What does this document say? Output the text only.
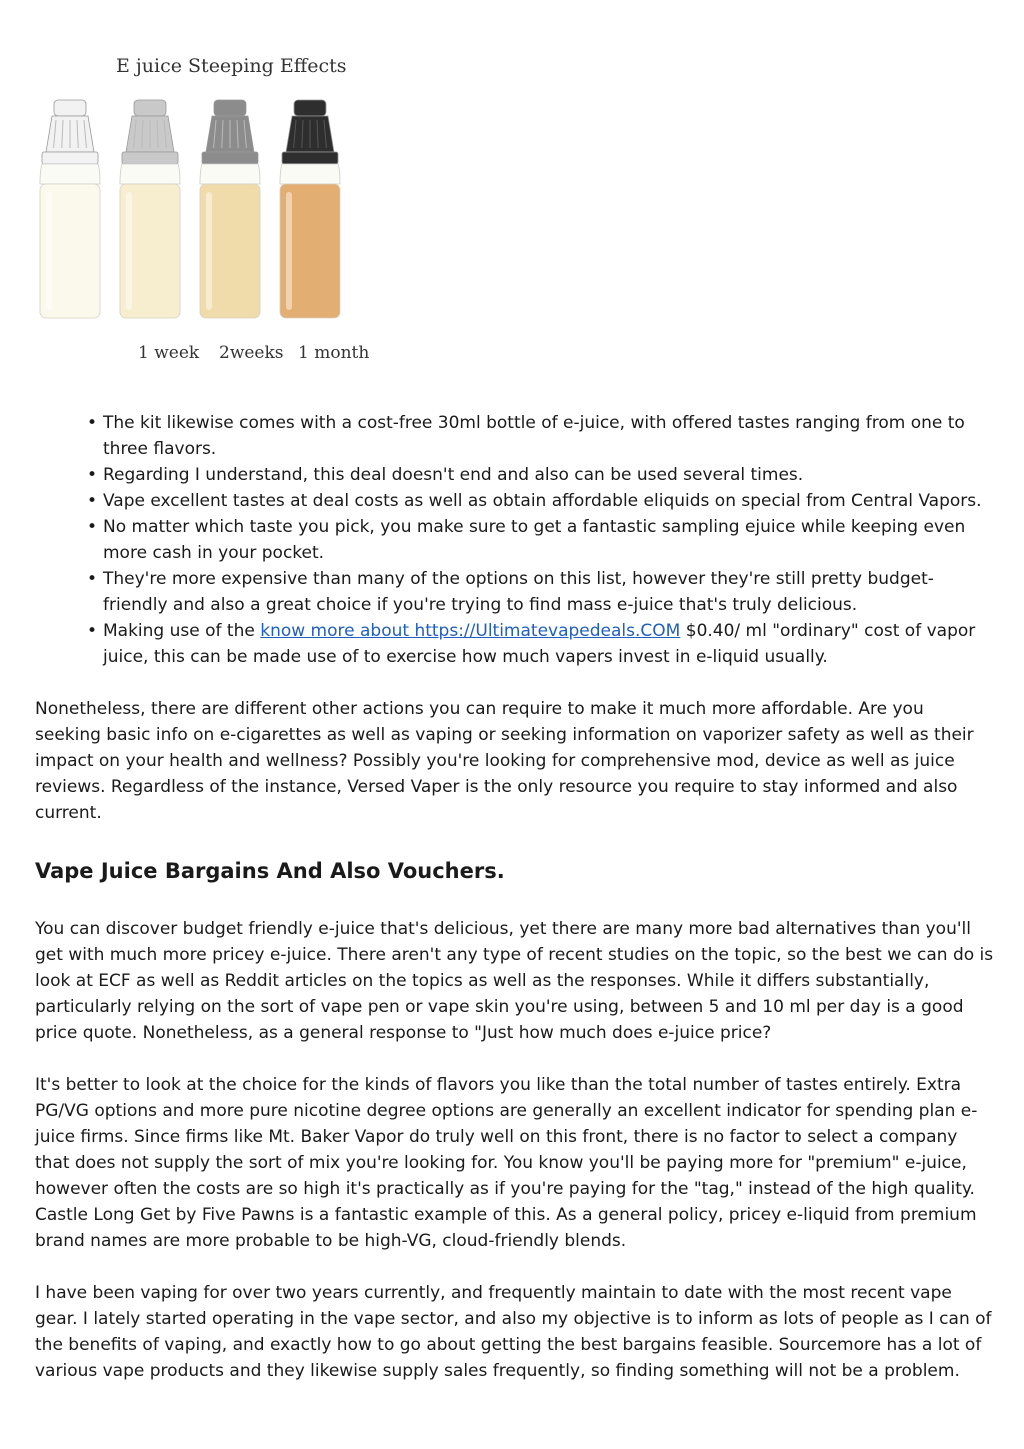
E juice Steeping Effects
1 week 2weeks 1 month
• The kit likewise comes with a cost-free 30ml bottle of e-juice, with offered tastes ranging from one to three flavors.
• Regarding I understand, this deal doesn't end and also can be used several times.
• Vape excellent tastes at deal costs as well as obtain affordable eliquids on special from Central Vapors.
• No matter which taste you pick, you make sure to get a fantastic sampling ejuice while keeping even more cash in your pocket.
• They're more expensive than many of the options on this list, however they're still pretty budget-friendly and also a great choice if you're trying to find mass e-juice that's truly delicious.
• Making use of the know more about https://Ultimatevapedeals.COM $0.40/ ml "ordinary" cost of vapor juice, this can be made use of to exercise how much vapers invest in e-liquid usually.

Nonetheless, there are different other actions you can require to make it much more affordable. Are you seeking basic info on e-cigarettes as well as vaping or seeking information on vaporizer safety as well as their impact on your health and wellness? Possibly you're looking for comprehensive mod, device as well as juice reviews. Regardless of the instance, Versed Vaper is the only resource you require to stay informed and also current.

Vape Juice Bargains And Also Vouchers.

You can discover budget friendly e-juice that's delicious, yet there are many more bad alternatives than you'll get with much more pricey e-juice. There aren't any type of recent studies on the topic, so the best we can do is look at ECF as well as Reddit articles on the topics as well as the responses. While it differs substantially, particularly relying on the sort of vape pen or vape skin you're using, between 5 and 10 ml per day is a good price quote. Nonetheless, as a general response to "Just how much does e-juice price?

It's better to look at the choice for the kinds of flavors you like than the total number of tastes entirely. Extra PG/VG options and more pure nicotine degree options are generally an excellent indicator for spending plan e-juice firms. Since firms like Mt. Baker Vapor do truly well on this front, there is no factor to select a company that does not supply the sort of mix you're looking for. You know you'll be paying more for "premium" e-juice, however often the costs are so high it's practically as if you're paying for the "tag," instead of the high quality. Castle Long Get by Five Pawns is a fantastic example of this. As a general policy, pricey e-liquid from premium brand names are more probable to be high-VG, cloud-friendly blends.

I have been vaping for over two years currently, and frequently maintain to date with the most recent vape gear. I lately started operating in the vape sector, and also my objective is to inform as lots of people as I can of the benefits of vaping, and exactly how to go about getting the best bargains feasible. Sourcemore has a lot of various vape products and they likewise supply sales frequently, so finding something will not be a problem.
